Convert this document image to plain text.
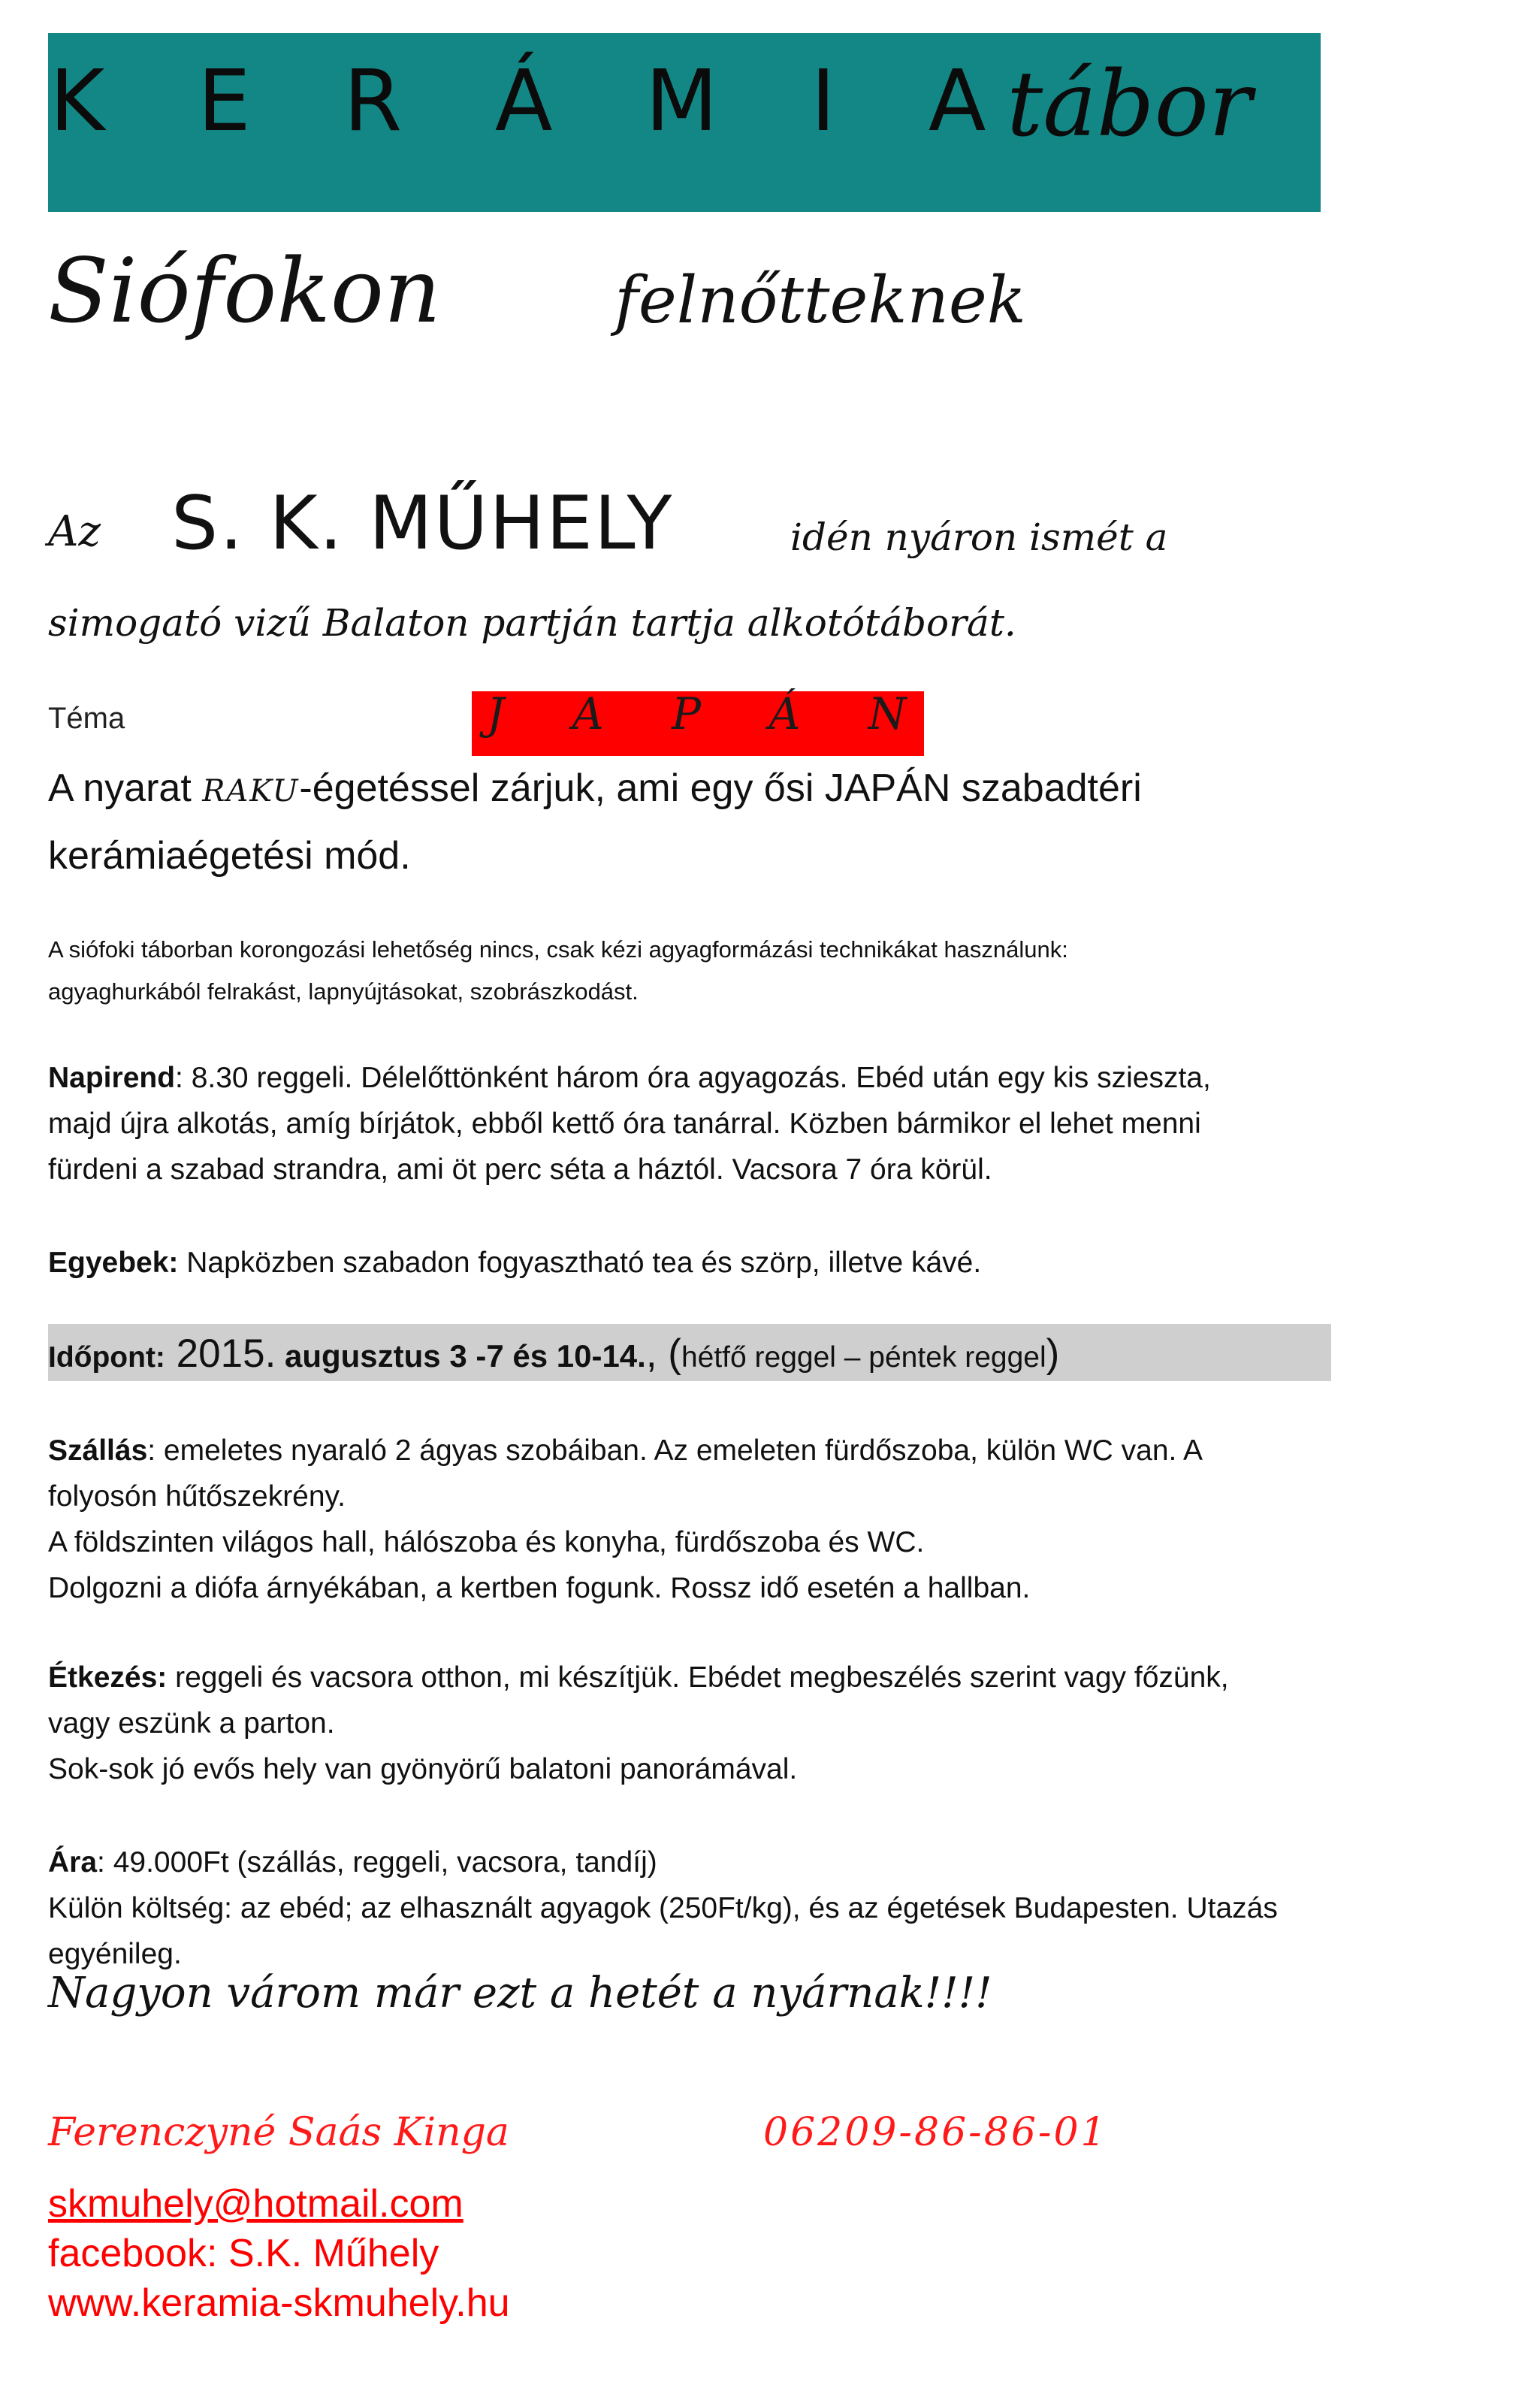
K E R Á M I A
tábor
Siófokon	felnőtteknek
Az S. K. MŰHELY	idén nyáron ismét a
simogató vizű Balaton partján tartja alkotótáborát.
Téma	J A P Á N
A nyarat RAKU-égetéssel zárjuk, ami egy ősi JAPÁN szabadtéri
kerámiaégetési mód.
A siófoki táborban korongozási lehetőség nincs, csak kézi agyagformázási technikákat használunk:
agyaghurkából felrakást, lapnyújtásokat, szobrászkodást.
Napirend: 8.30 reggeli. Délelőttönként három óra agyagozás. Ebéd után egy kis sziesztа,
majd újra alkotás, amíg bírjátok, ebből kettő óra tanárral. Közben bármikor el lehet menni
fürdeni a szabad strandra, ami öt perc séta a háztól. Vacsora 7 óra körül.
Egyebek: Napközben szabadon fogyasztható tea és szörp, illetve kávé.
Időpont: 2015. augusztus 3 -7 és 10-14., (hétfő reggel – péntek reggel)
Szállás: emeletes nyaraló 2 ágyas szobáiban. Az emeleten fürdőszoba, külön WC van. A
folyosón hűtőszekrény.
A földszinten világos hall, hálószoba és konyha, fürdőszoba és WC.
Dolgozni a diófa árnyékában, a kertben fogunk. Rossz idő esetén a hallban.
Étkezés: reggeli és vacsora otthon, mi készítjük. Ebédet megbeszélés szerint vagy főzünk,
vagy eszünk a parton.
Sok-sok jó evős hely van gyönyörű balatoni panorámával.
Ára: 49.000Ft (szállás, reggeli, vacsora, tandíj)
Külön költség: az ebéd; az elhasznált agyagok (250Ft/kg), és az égetések Budapesten. Utazás
egyénileg.
Nagyon várom már ezt a hetét a nyárnak!!!!
Ferenczyné Saás Kinga	06209-86-86-01
skmuhely@hotmail.com
facebook: S.K. Műhely
www.keramia-skmuhely.hu
